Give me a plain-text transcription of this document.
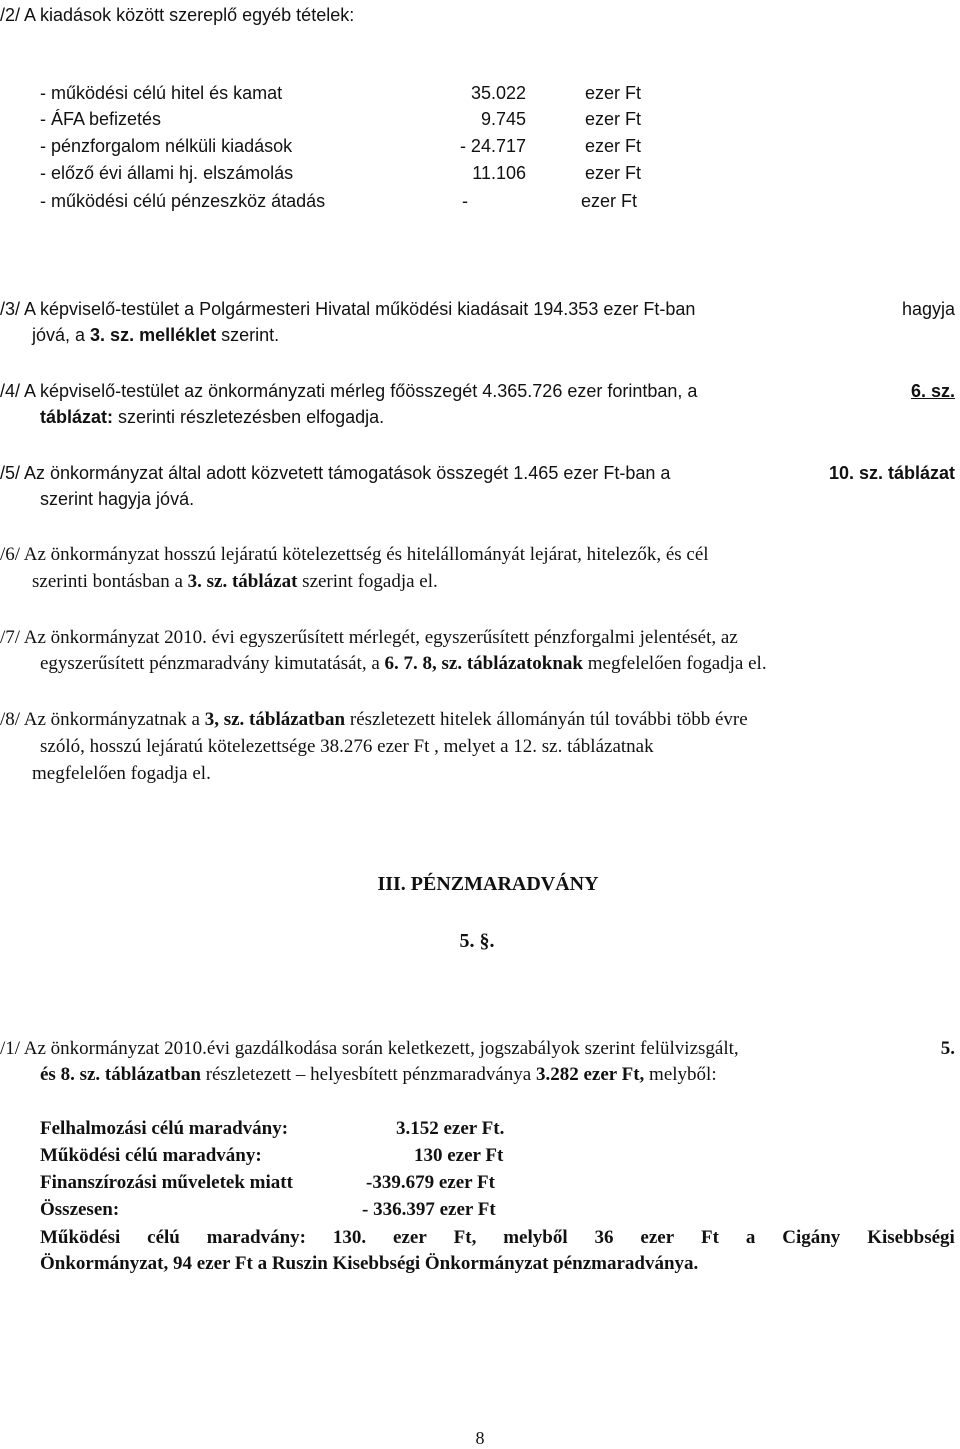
/2/ A kiadások között szereplő egyéb tételek:
- működési célú hitel és kamat	35.022	ezer Ft
- ÁFA befizetés	9.745	ezer Ft
- pénzforgalom nélküli kiadások	- 24.717	ezer Ft
- előző évi állami hj. elszámolás	11.106	ezer Ft
- működési célú pénzeszköz átadás	-	ezer Ft
/3/ A képviselő-testület a Polgármesteri Hivatal működési kiadásait 194.353 ezer Ft-ban	hagyja
jóvá, a 3. sz. melléklet szerint.
/4/ A képviselő-testület az önkormányzati mérleg főösszegét 4.365.726 ezer forintban, a	6. sz.
táblázat: szerinti részletezésben elfogadja.
/5/ Az önkormányzat által adott közvetett támogatások összegét 1.465 ezer Ft-ban a	10. sz. táblázat
szerint hagyja jóvá.
/6/ Az önkormányzat hosszú lejáratú kötelezettség és hitelállományát lejárat, hitelezők, és cél
szerinti bontásban a 3. sz. táblázat szerint fogadja el.
/7/ Az önkormányzat 2010. évi egyszerűsített mérlegét, egyszerűsített pénzforgalmi jelentését, az
egyszerűsített pénzmaradvány kimutatását, a 6. 7. 8, sz. táblázatoknak megfelelően fogadja el.
/8/ Az önkormányzatnak a 3, sz. táblázatban részletezett hitelek állományán túl további több évre
szóló, hosszú lejáratú kötelezettsége 38.276 ezer Ft , melyet a 12. sz. táblázatnak
megfelelően fogadja el.
III. PÉNZMARADVÁNY
5. §.
/1/ Az önkormányzat 2010.évi gazdálkodása során keletkezett, jogszabályok szerint felülvizsgált,	5.
és 8. sz. táblázatban részletezett – helyesbített pénzmaradványa 3.282 ezer Ft, melyből:
Felhalmozási célú maradvány:	3.152 ezer Ft.
Működési célú maradvány:	130 ezer Ft
Finanszírozási műveletek miatt	-339.679 ezer Ft
Összesen:	- 336.397 ezer Ft
Működési célú maradvány: 130. ezer Ft, melyből 36 ezer Ft a Cigány Kisebbségi
Önkormányzat, 94 ezer Ft a Ruszin Kisebbségi Önkormányzat pénzmaradványa.
8
